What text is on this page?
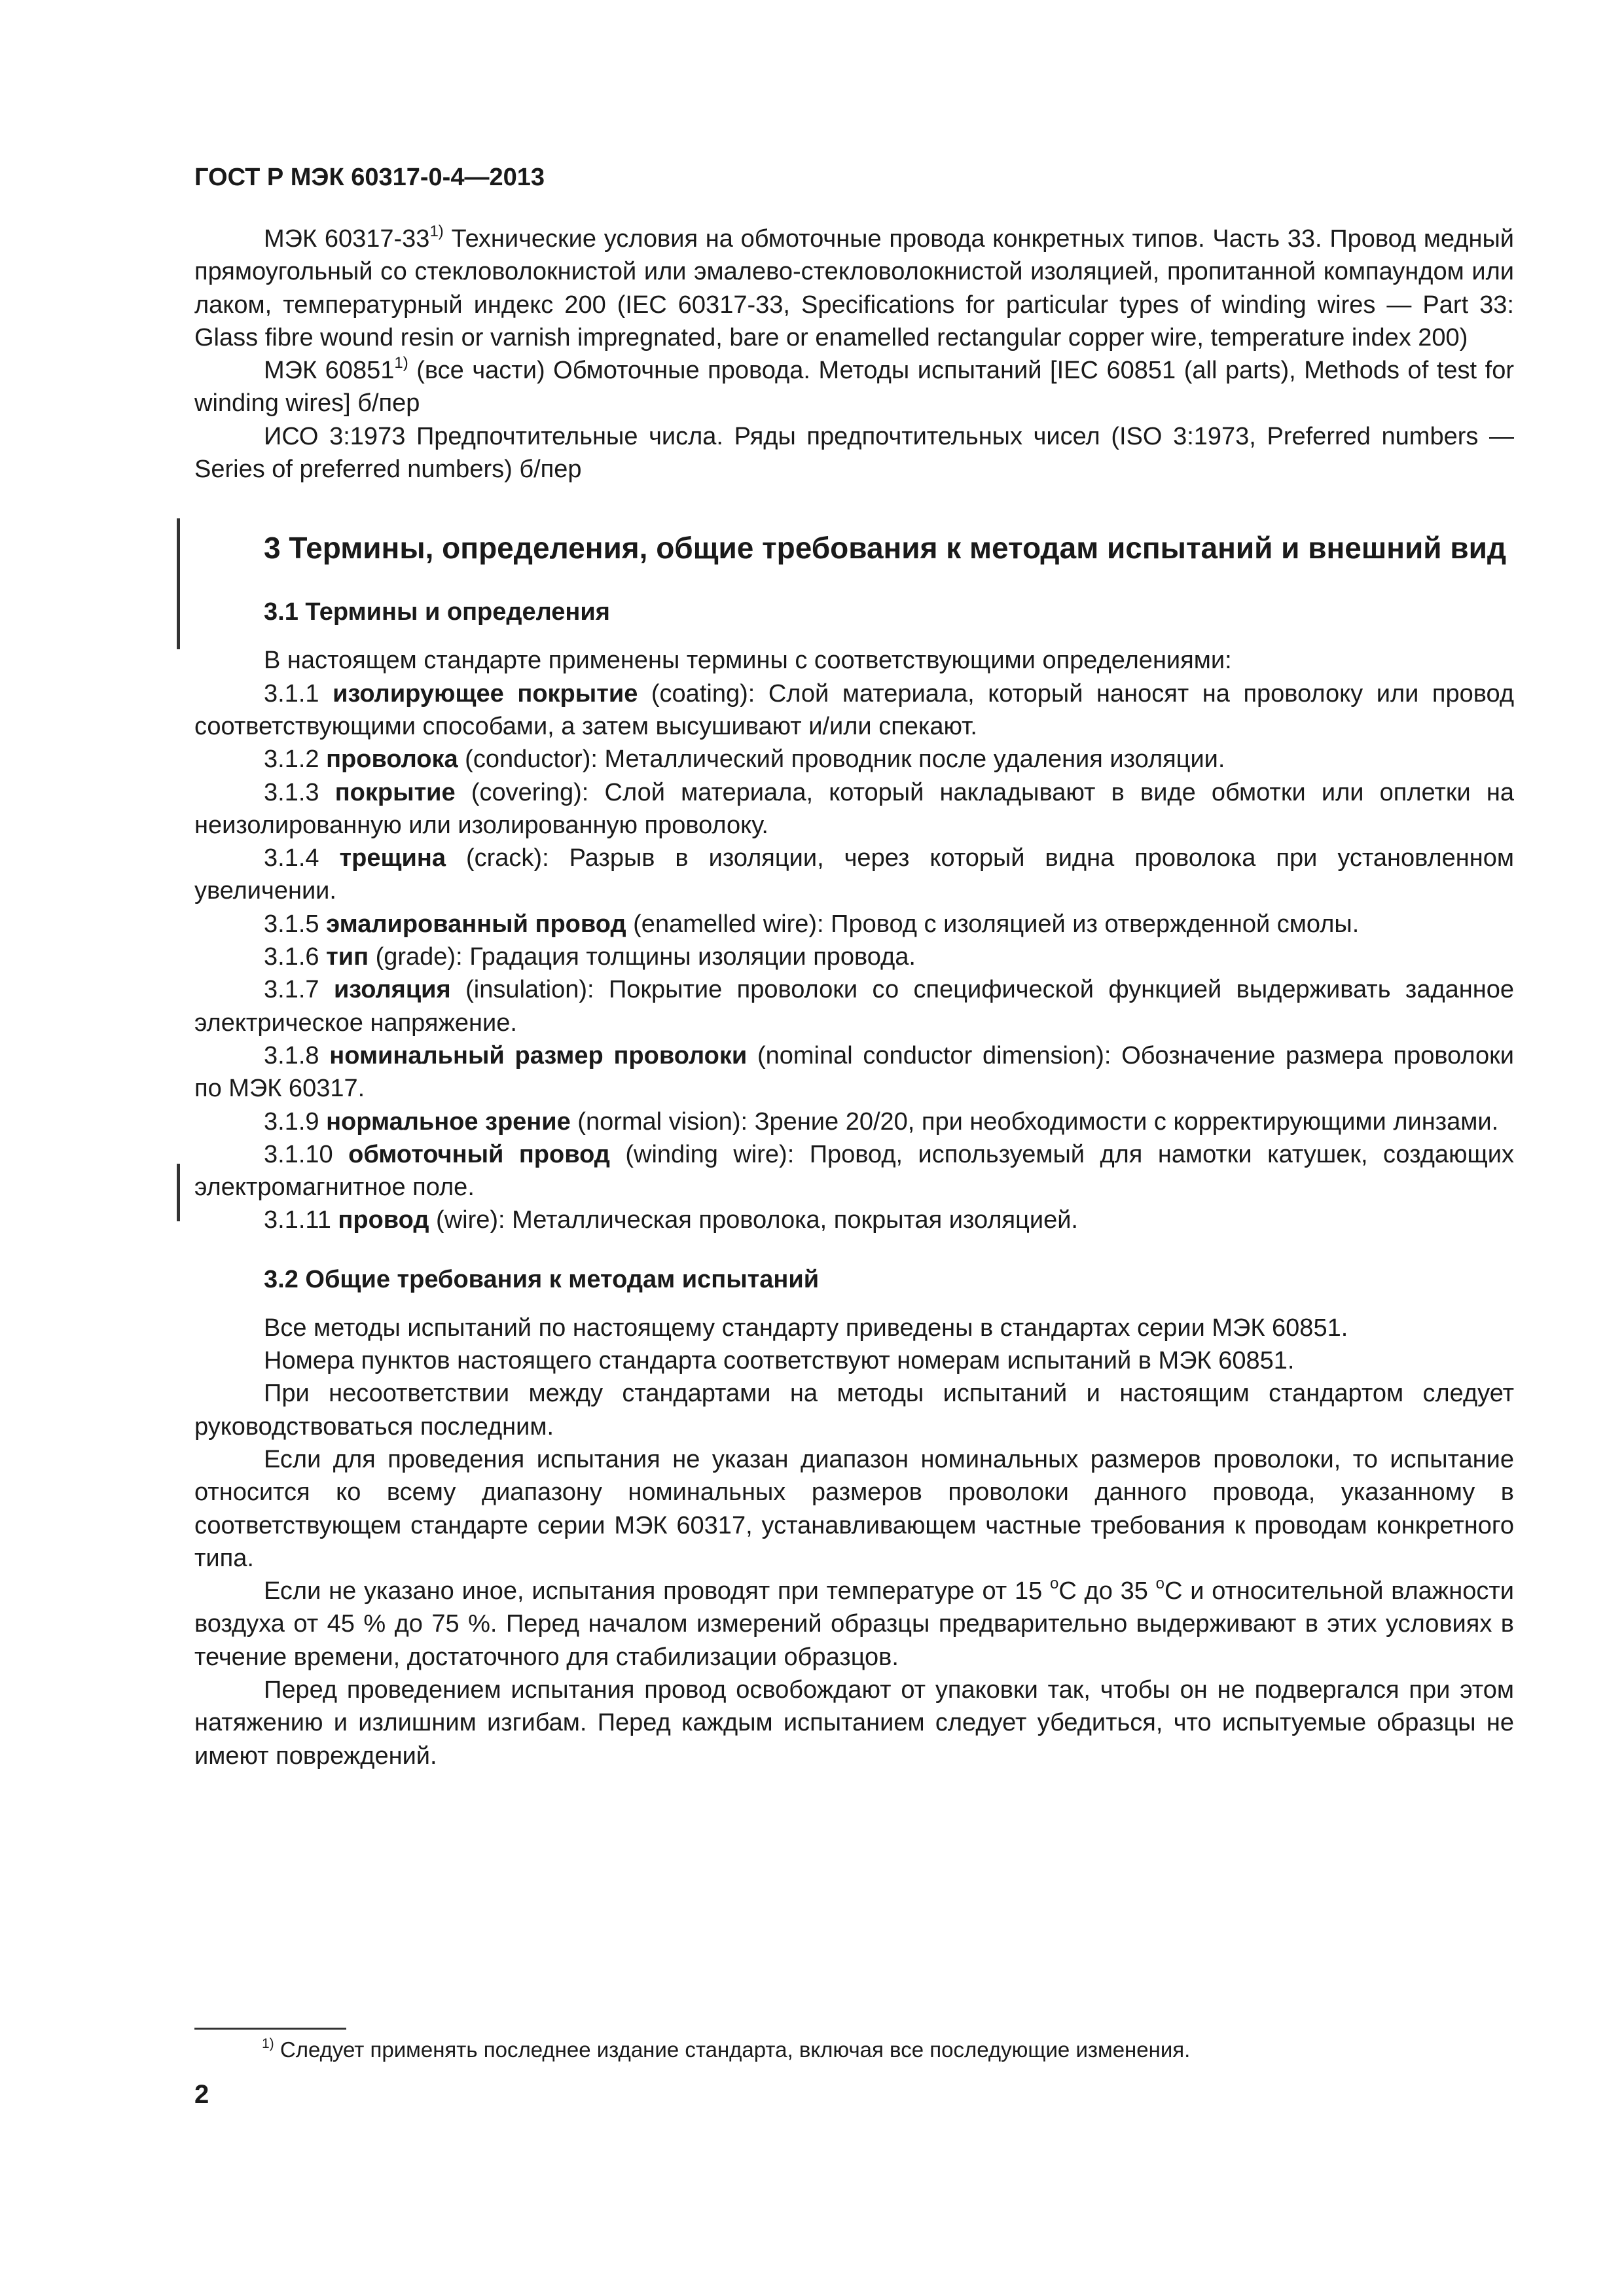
ГОСТ Р МЭК 60317-0-4—2013

МЭК 60317-33$^{1)}$ Технические условия на обмоточные провода конкретных типов. Часть 33. Провод медный прямоугольный со стекловолокнистой или эмалево-стекловолокнистой изоляцией, пропитанной компаундом или лаком, температурный индекс 200 (IEC 60317-33, Specifications for particular types of winding wires — Part 33: Glass fibre wound resin or varnish impregnated, bare or enamelled rectangular copper wire, temperature index 200)

МЭК 60851$^{1)}$ (все части) Обмоточные провода. Методы испытаний [IEC 60851 (all parts), Methods of test for winding wires] б/пер

ИСО 3:1973 Предпочтительные числа. Ряды предпочтительных чисел (ISO 3:1973, Preferred numbers — Series of preferred numbers) б/пер

3 Термины, определения, общие требования к методам испытаний и внешний вид
3.1 Термины и определения

В настоящем стандарте применены термины с соответствующими определениями:

3.1.1 изолирующее покрытие (coating): Слой материала, который наносят на проволоку или провод соответствующими способами, а затем высушивают и/или спекают.

3.1.2 проволока (conductor): Металлический проводник после удаления изоляции.

3.1.3 покрытие (covering): Слой материала, который накладывают в виде обмотки или оплетки на неизолированную или изолированную проволоку.

3.1.4 трещина (crack): Разрыв в изоляции, через который видна проволока при установленном увеличении.

3.1.5 эмалированный провод (enamelled wire): Провод с изоляцией из отвержденной смолы.

3.1.6 тип (grade): Градация толщины изоляции провода.

3.1.7 изоляция (insulation): Покрытие проволоки со специфической функцией выдерживать заданное электрическое напряжение.

3.1.8 номинальный размер проволоки (nominal conductor dimension): Обозначение размера проволоки по МЭК 60317.

3.1.9 нормальное зрение (normal vision): Зрение 20/20, при необходимости с корректирующими линзами.

3.1.10 обмоточный провод (winding wire): Провод, используемый для намотки катушек, создающих электромагнитное поле.

3.1.11 провод (wire): Металлическая проволока, покрытая изоляцией.

3.2 Общие требования к методам испытаний

Все методы испытаний по настоящему стандарту приведены в стандартах серии МЭК 60851.

Номера пунктов настоящего стандарта соответствуют номерам испытаний в МЭК 60851.

При несоответствии между стандартами на методы испытаний и настоящим стандартом следует руководствоваться последним.

Если для проведения испытания не указан диапазон номинальных размеров проволоки, то испытание относится ко всему диапазону номинальных размеров проволоки данного провода, указанному в соответствующем стандарте серии МЭК 60317, устанавливающем частные требования к проводам конкретного типа.

Если не указано иное, испытания проводят при температуре от 15 $^o$С до 35 $^o$С и относительной влажности воздуха от 45 % до 75 %. Перед началом измерений образцы предварительно выдерживают в этих условиях в течение времени, достаточного для стабилизации образцов.

Перед проведением испытания провод освобождают от упаковки так, чтобы он не подвергался при этом натяжению и излишним изгибам. Перед каждым испытанием следует убедиться, что испытуемые образцы не имеют повреждений.

$^{1)}$ Следует применять последнее издание стандарта, включая все последующие изменения.
2
